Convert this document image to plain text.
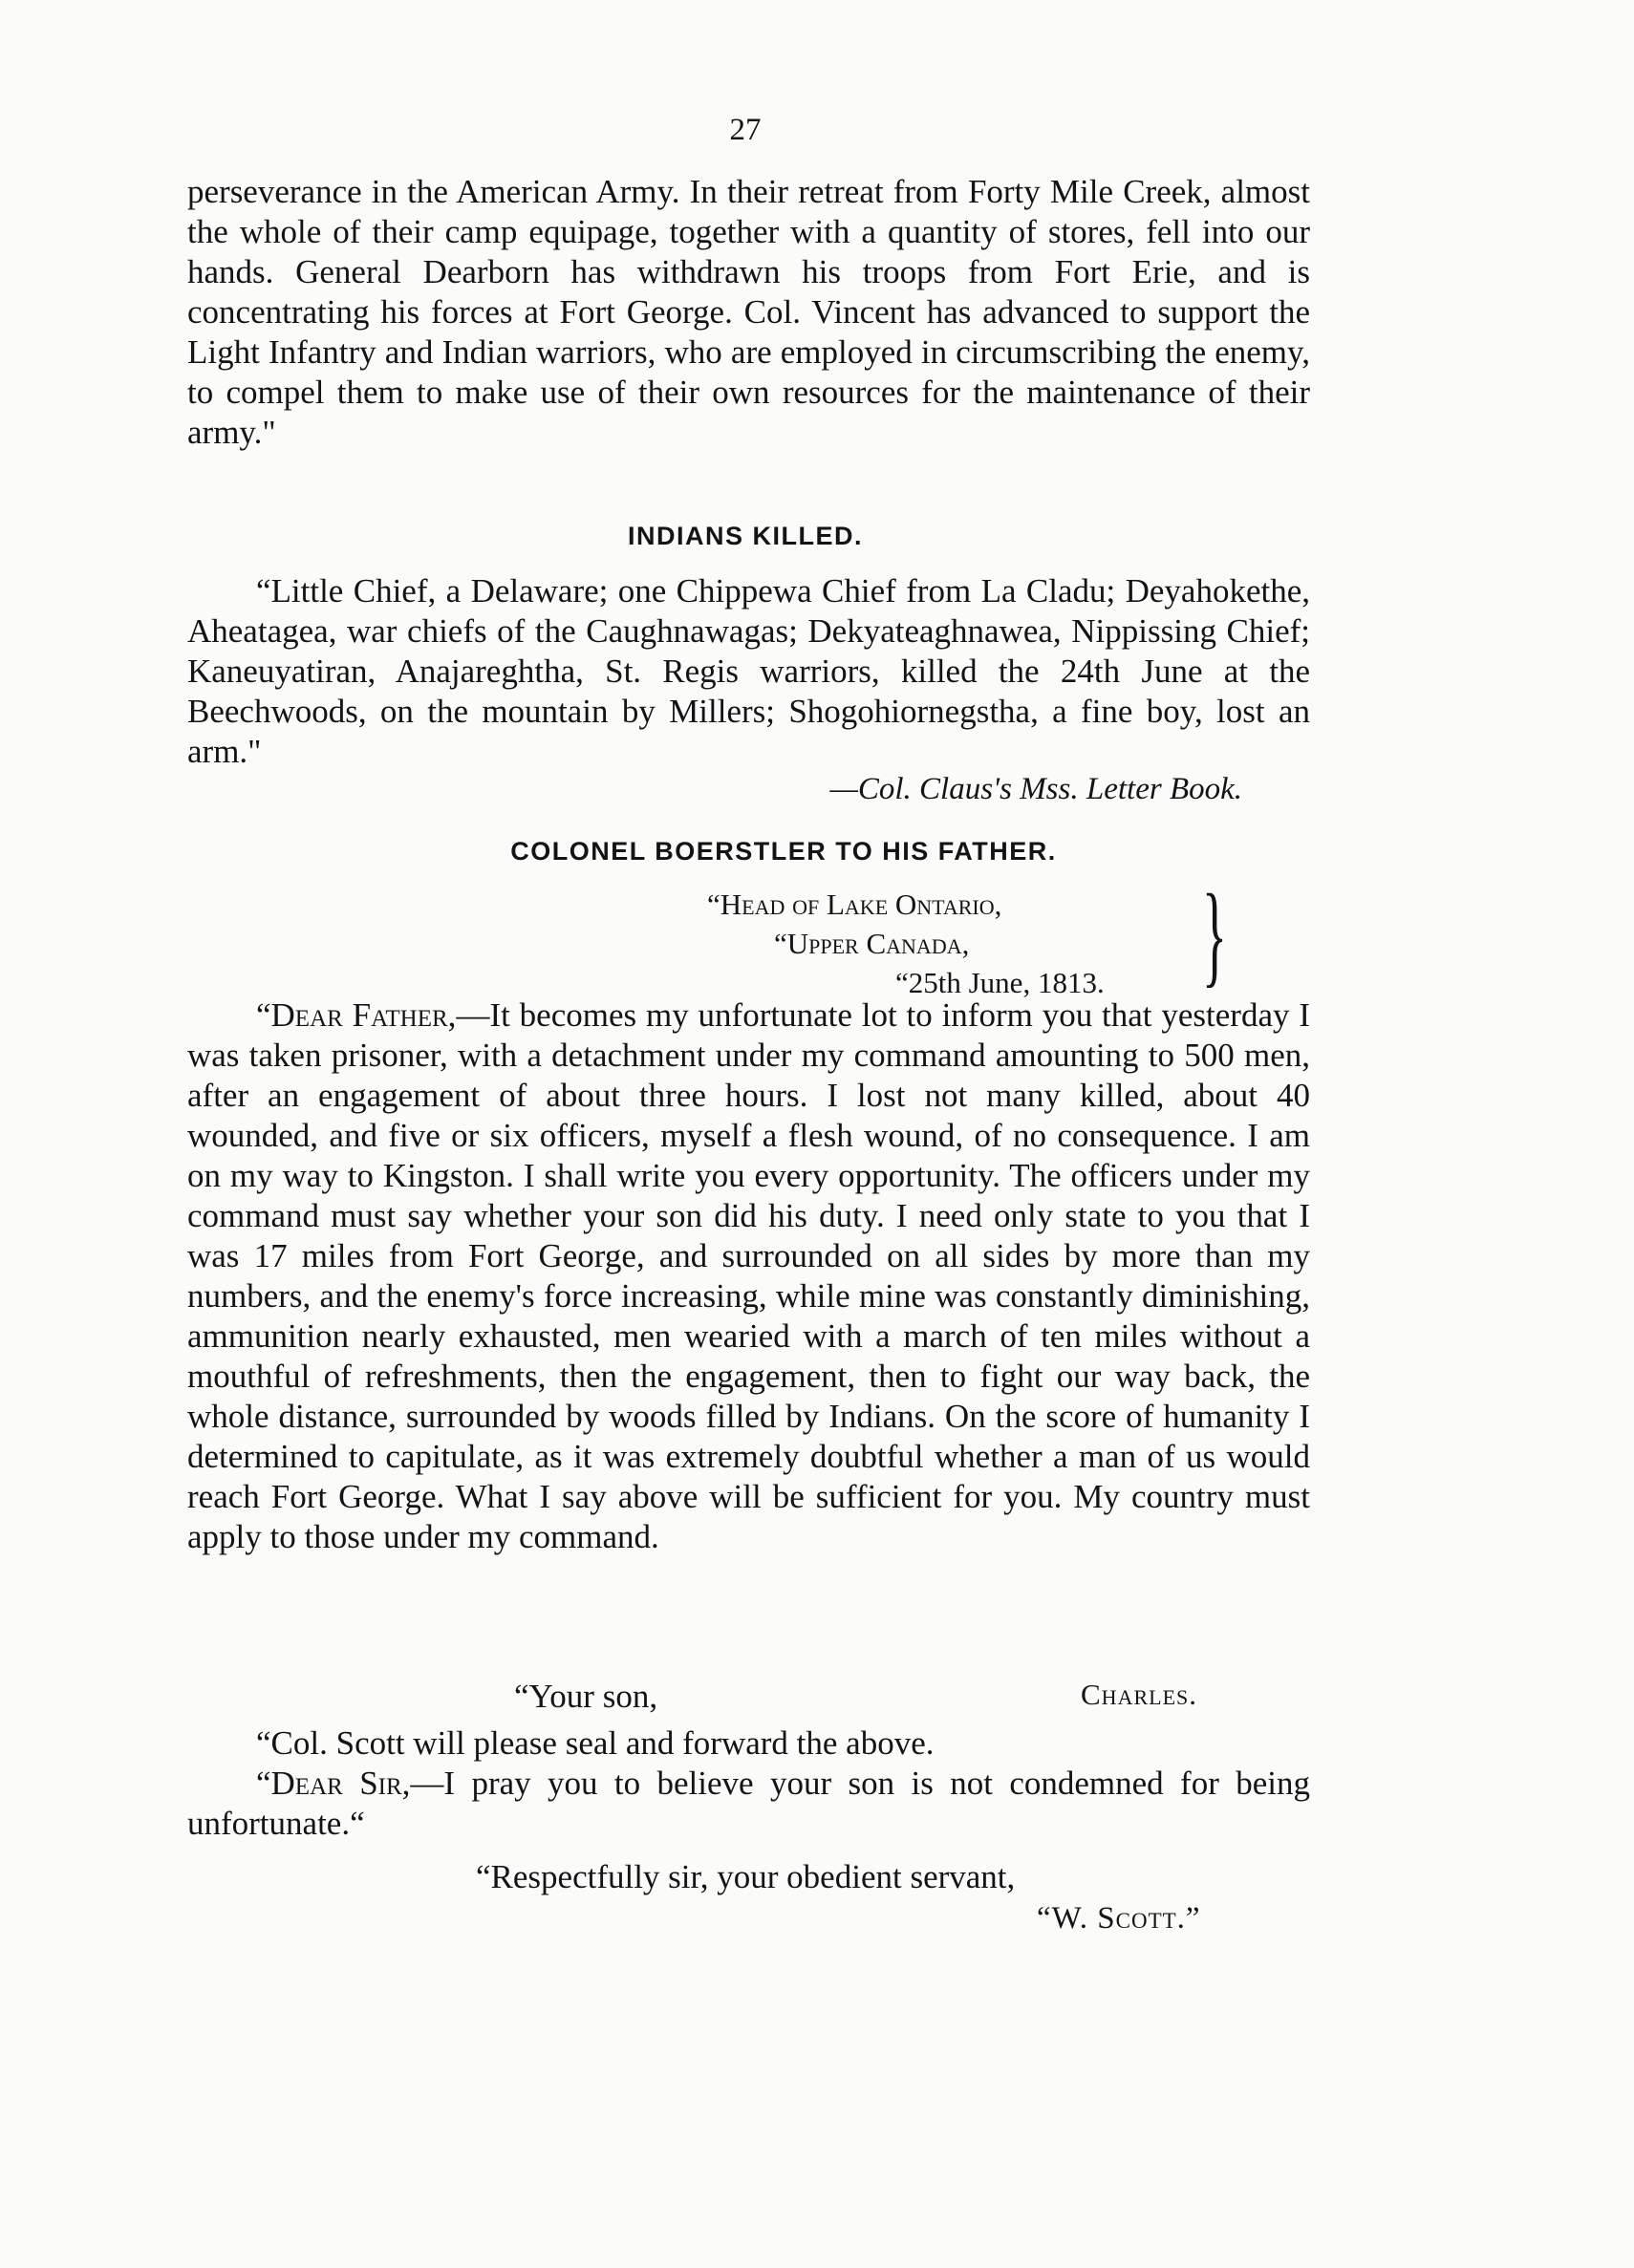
27

perseverance in the American Army. In their retreat from Forty Mile Creek, almost the whole of their camp equipage, together with a quantity of stores, fell into our hands. General Dearborn has withdrawn his troops from Fort Erie, and is concentrating his forces at Fort George. Col. Vincent has advanced to support the Light Infantry and Indian warriors, who are employed in circumscribing the enemy, to compel them to make use of their own resources for the maintenance of their army."

INDIANS KILLED.

“Little Chief, a Delaware; one Chippewa Chief from La Cladu; Deyahokethe, Aheatagea, war chiefs of the Caughnawagas; Dekyateaghnawea, Nippissing Chief; Kaneuyatiran, Anajareghtha, St. Regis warriors, killed the 24th June at the Beechwoods, on the mountain by Millers; Shogohiornegstha, a fine boy, lost an arm."

—Col. Claus's Mss. Letter Book.
COLONEL BOERSTLER TO HIS FATHER.
“Head of Lake Ontario,
“Upper Canada,
“25th June, 1813. }

“Dear Father,—It becomes my unfortunate lot to inform you that yesterday I was taken prisoner, with a detachment under my command amounting to 500 men, after an engagement of about three hours. I lost not many killed, about 40 wounded, and five or six officers, myself a flesh wound, of no consequence. I am on my way to Kingston. I shall write you every opportunity. The officers under my command must say whether your son did his duty. I need only state to you that I was 17 miles from Fort George, and surrounded on all sides by more than my numbers, and the enemy's force increasing, while mine was constantly diminishing, ammunition nearly exhausted, men wearied with a march of ten miles without a mouthful of refreshments, then the engagement, then to fight our way back, the whole distance, surrounded by woods filled by Indians. On the score of humanity I determined to capitulate, as it was extremely doubtful whether a man of us would reach Fort George. What I say above will be sufficient for you. My country must apply to those under my command.

“Your son,	Charles.

“Col. Scott will please seal and forward the above.

“Dear Sir,—I pray you to believe your son is not condemned for being unfortunate.“

“Respectfully sir, your obedient servant,
“W. Scott.”
